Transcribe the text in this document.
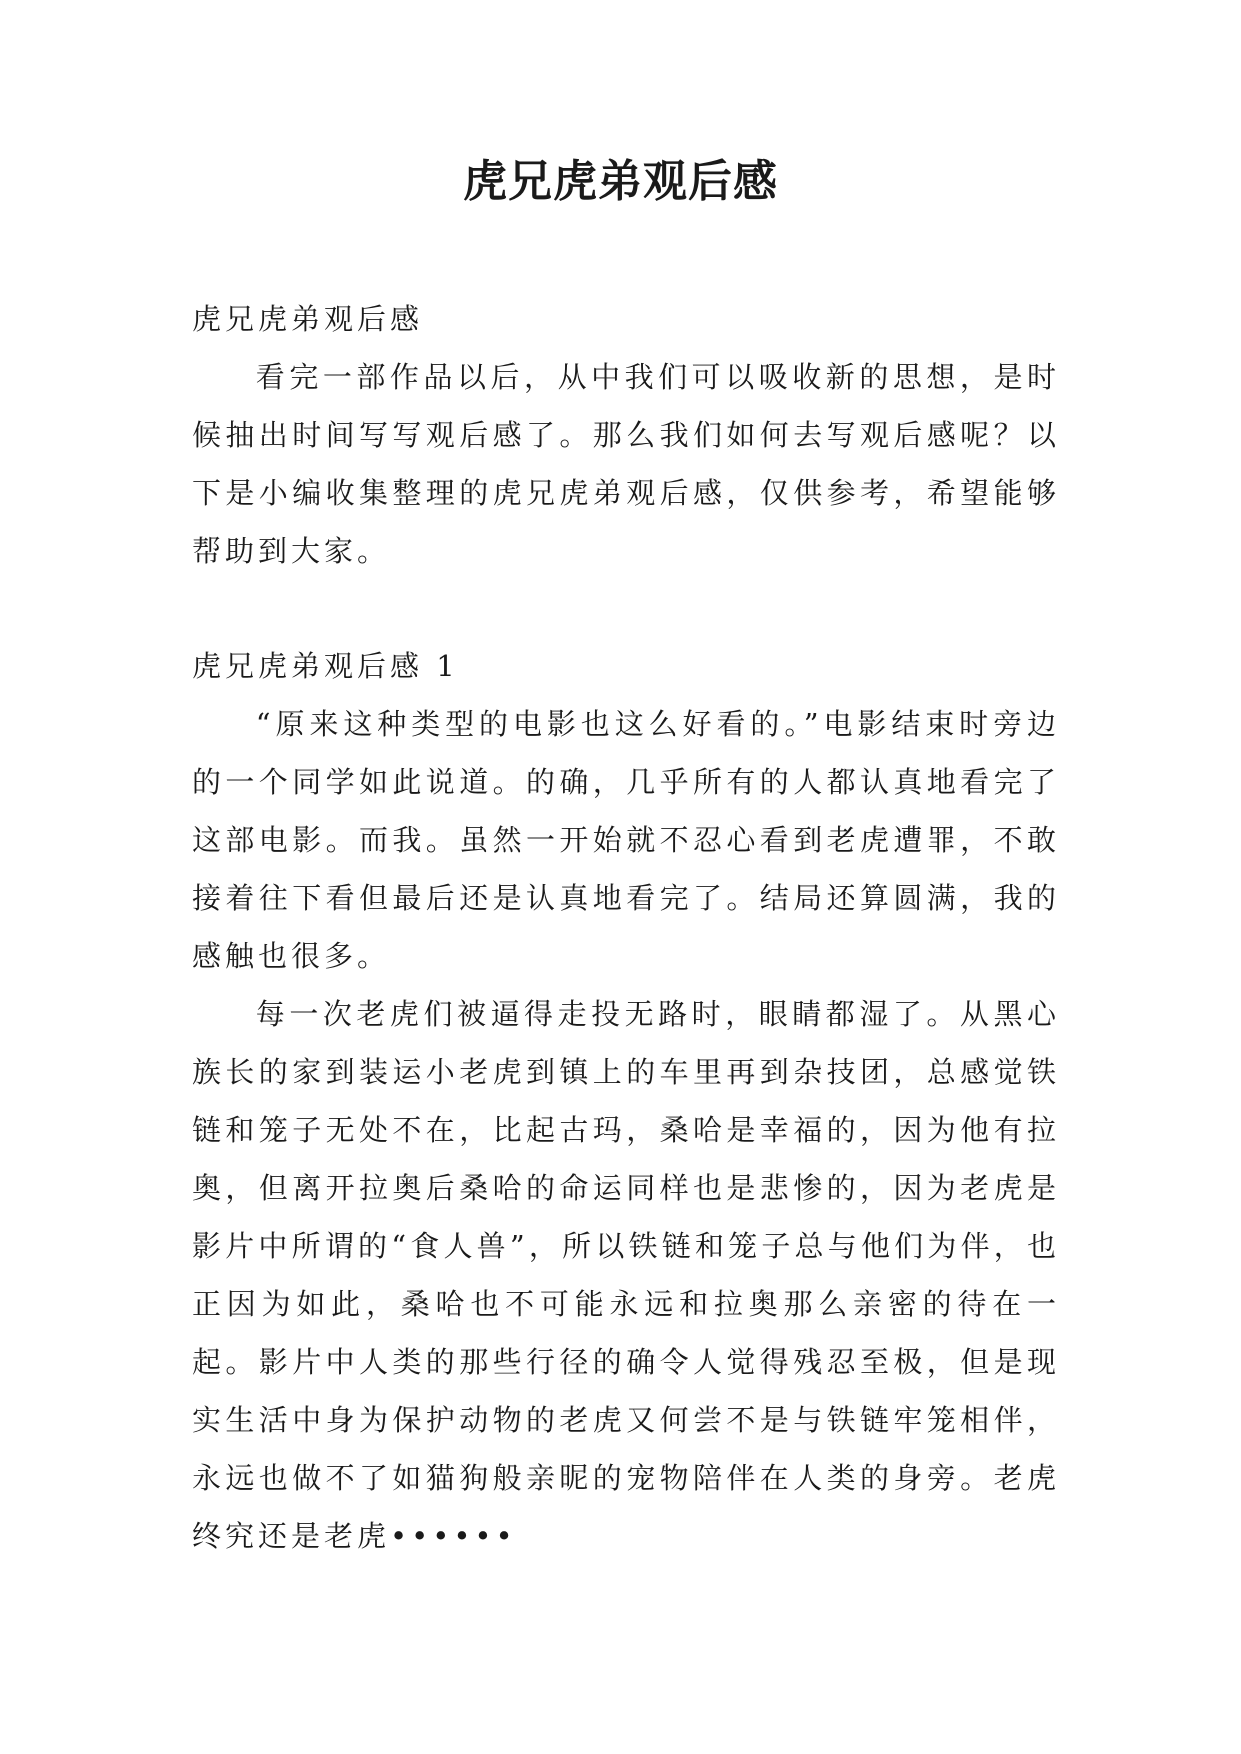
虎兄虎弟观后感

虎兄虎弟观后感

看完一部作品以后，从中我们可以吸收新的思想，是时候抽出时间写写观后感了。那么我们如何去写观后感呢？以下是小编收集整理的虎兄虎弟观后感，仅供参考，希望能够帮助到大家。

虎兄虎弟观后感 1

“原来这种类型的电影也这么好看的。”电影结束时旁边的一个同学如此说道。的确，几乎所有的人都认真地看完了这部电影。而我。虽然一开始就不忍心看到老虎遭罪，不敢接着往下看但最后还是认真地看完了。结局还算圆满，我的感触也很多。

每一次老虎们被逼得走投无路时，眼睛都湿了。从黑心族长的家到装运小老虎到镇上的车里再到杂技团，总感觉铁链和笼子无处不在，比起古玛，桑哈是幸福的，因为他有拉奥，但离开拉奥后桑哈的命运同样也是悲惨的，因为老虎是影片中所谓的“食人兽”，所以铁链和笼子总与他们为伴，也正因为如此，桑哈也不可能永远和拉奥那么亲密的待在一起。影片中人类的那些行径的确令人觉得残忍至极，但是现实生活中身为保护动物的老虎又何尝不是与铁链牢笼相伴，永远也做不了如猫狗般亲昵的宠物陪伴在人类的身旁。老虎终究还是老虎••••••
